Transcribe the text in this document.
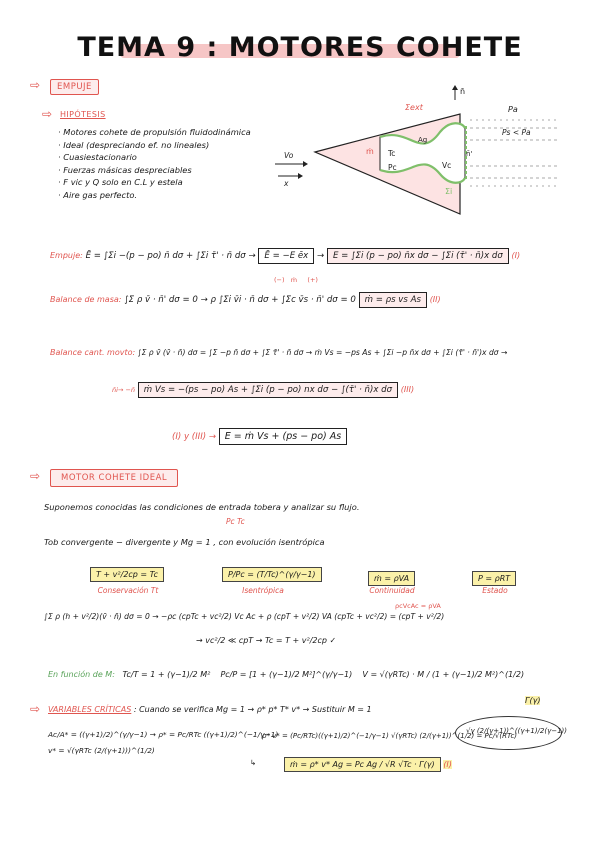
TEMA 9 : MOTORES COHETE
⇨	EMPUJE
⇨ HIPÓTESIS
· Motores cohete de propulsión fluidodinámica
· Ideal (despreciando ef. no lineales)
· Cuasiestacionario
· Fuerzas másicas despreciables
· F vic y Q solo en C.L y estela
· Aire gas perfecto.
Σext
n̄
Pa
Ps < Pa
Vo
x
Ag
ṁ Tc
Pc	Vc
Σi
n̄'
Empuje: Ē = ∫Σi −(p − po) n̄ dσ + ∫Σi τ̄' · n̄ dσ → Ē = −E ēx → E = ∫Σi (p − po) n̄x dσ − ∫Σi (τ̄' · n̄)x dσ (I)
Balance de masa: ∫Σ ρ v̄ · n̄' dσ = 0 → ρ ∫Σi v̄i · n̄ dσ + ∫Σc v̄s · n̄' dσ = 0 ṁ = ρs vs As (II)
(−) ṁ (+)
Balance cant. movto: ∫Σ ρ v̄ (v̄ · n̄) dσ = ∫Σ −p n̄ dσ + ∫Σ τ̄' · n̄ dσ → ṁ Vs = −ps As + ∫Σi −p n̄x dσ + ∫Σi (τ̄' · n̄')x dσ →
n̄i→ −n̄ ṁ Vs = −(ps − po) As + ∫Σi (p − po) nx dσ − ∫(τ̄' · n̄)x dσ (III)
(I) y (III) → E = ṁ Vs + (ps − po) As
⇨	MOTOR COHETE IDEAL
Suponemos conocidas las condiciones de entrada tobera y analizar su flujo.
Pc Tc
Tob convergente − divergente y Mg = 1 , con evolución isentrópica
T + v²/2cp = Tc
Conservación Tt
P/Pc = (T/Tc)^(γ/γ−1)
Isentrópica
ṁ = ρVA
Continuidad
P = ρRT
Estado
∫Σ ρ (h + v²/2)(v̄ · n̄) dσ = 0 → −ρc (cpTc + vc²/2) Vc Ac + ρ (cpT + v²/2) VA (cpTc + vc²/2) = (cpT + v²/2)
ρcVcAc = ρVA
→ vc²/2 ≪ cpT → Tc = T + v²/2cp ✓
En función de M: Tc/T = 1 + (γ−1)/2 M² Pc/P = [1 + (γ−1)/2 M²]^(γ/γ−1) V = √(γRTc) · M / (1 + (γ−1)/2 M²)^(1/2)
⇨ VARIABLES CRÍTICAS : Cuando se verifica Mg = 1 → ρ* p* T* v* → Sustituir M = 1
Γ(γ)
Ac/A* = ((γ+1)/2)^(γ/γ−1) → ρ* = Pc/RTc ((γ+1)/2)^(−1/γ−1)
v* = √(γRTc (2/(γ+1)))^(1/2)
ρ* v* = (Pc/RTc)((γ+1)/2)^(−1/γ−1) √(γRTc) (2/(γ+1))^(1/2) = Pc/√(RTc)
√γ (2/(γ+1))^((γ+1)/2(γ−1))
↳	ṁ = ρ* v* Ag = Pc Ag / √R √Tc · Γ(γ) (I)
